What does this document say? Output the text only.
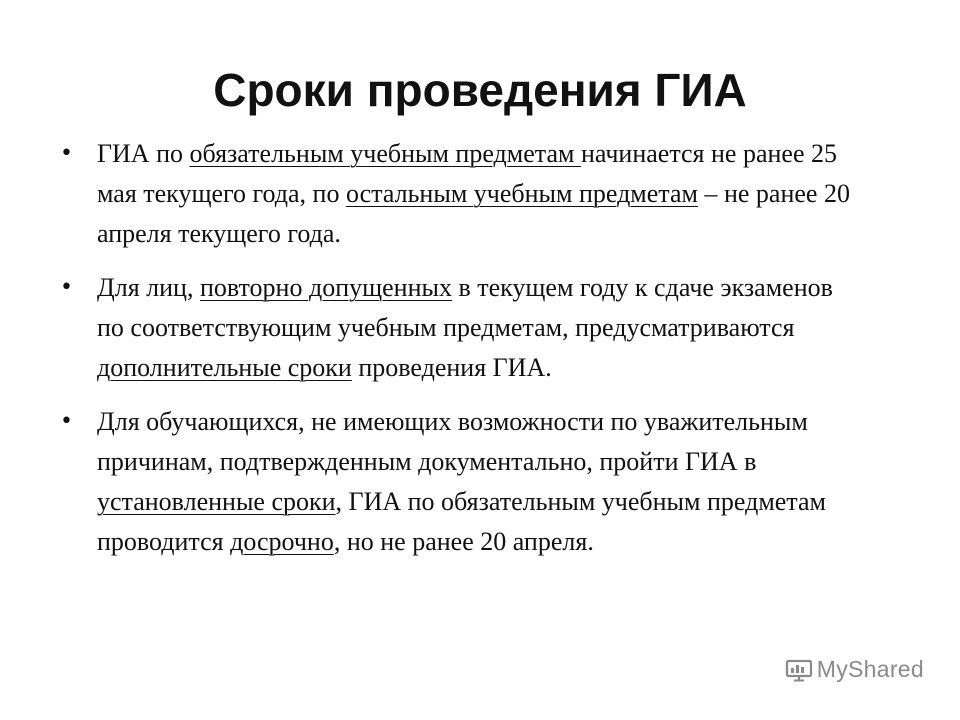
Сроки проведения ГИА
• ГИА по обязательным учебным предметам начинается не ранее 25 мая текущего года, по остальным учебным предметам – не ранее 20 апреля текущего года.
• Для лиц, повторно допущенных в текущем году к сдаче экзаменов по соответствующим учебным предметам, предусматриваются дополнительные сроки проведения ГИА.
• Для обучающихся, не имеющих возможности по уважительным причинам, подтвержденным документально, пройти ГИА в установленные сроки, ГИА по обязательным учебным предметам проводится досрочно, но не ранее 20 апреля.
MyShared
